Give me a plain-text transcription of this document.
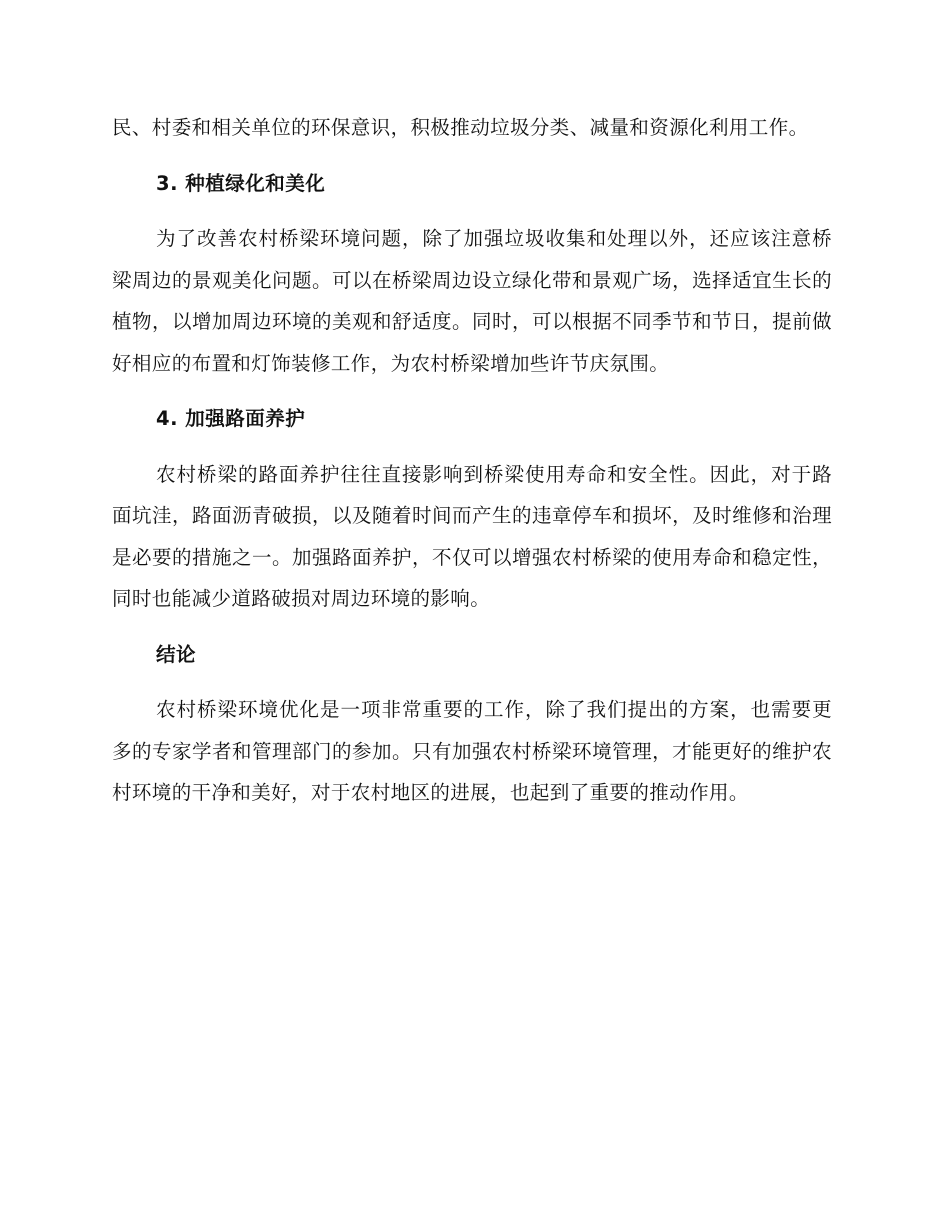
民、村委和相关单位的环保意识，积极推动垃圾分类、减量和资源化利用工作。

3. 种植绿化和美化

为了改善农村桥梁环境问题，除了加强垃圾收集和处理以外，还应该注意桥梁周边的景观美化问题。可以在桥梁周边设立绿化带和景观广场，选择适宜生长的植物，以增加周边环境的美观和舒适度。同时，可以根据不同季节和节日，提前做好相应的布置和灯饰装修工作，为农村桥梁增加些许节庆氛围。

4. 加强路面养护

农村桥梁的路面养护往往直接影响到桥梁使用寿命和安全性。因此，对于路面坑洼，路面沥青破损，以及随着时间而产生的违章停车和损坏，及时维修和治理是必要的措施之一。加强路面养护，不仅可以增强农村桥梁的使用寿命和稳定性，同时也能减少道路破损对周边环境的影响。

结论

农村桥梁环境优化是一项非常重要的工作，除了我们提出的方案，也需要更多的专家学者和管理部门的参加。只有加强农村桥梁环境管理，才能更好的维护农村环境的干净和美好，对于农村地区的进展，也起到了重要的推动作用。
